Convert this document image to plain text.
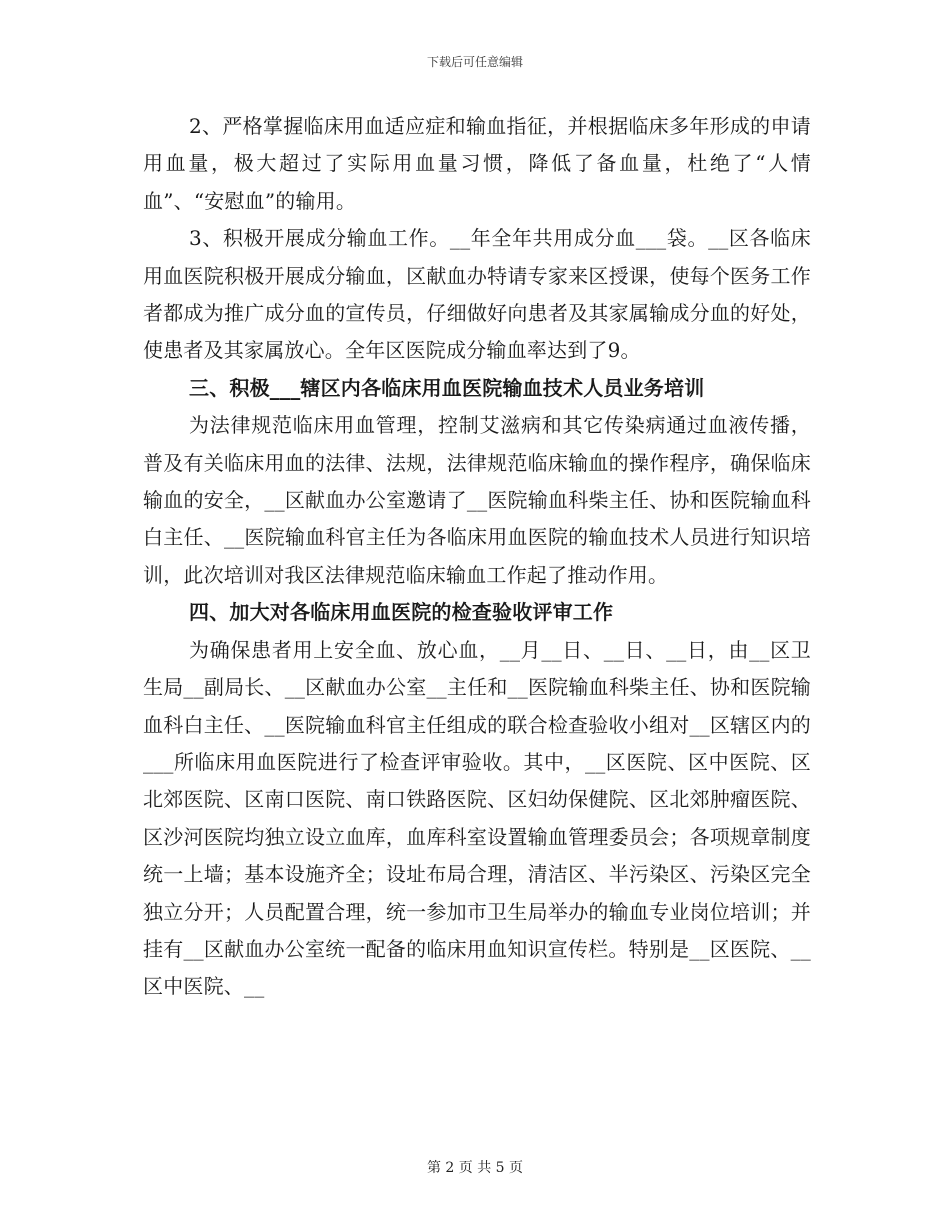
下载后可任意编辑

2、严格掌握临床用血适应症和输血指征，并根据临床多年形成的申请用血量，极大超过了实际用血量习惯，降低了备血量，杜绝了“人情血”、“安慰血”的输用。

3、积极开展成分输血工作。__年全年共用成分血___袋。__区各临床用血医院积极开展成分输血，区献血办特请专家来区授课，使每个医务工作者都成为推广成分血的宣传员，仔细做好向患者及其家属输成分血的好处，使患者及其家属放心。全年区医院成分输血率达到了9。

三、积极___辖区内各临床用血医院输血技术人员业务培训

为法律规范临床用血管理，控制艾滋病和其它传染病通过血液传播，普及有关临床用血的法律、法规，法律规范临床输血的操作程序，确保临床输血的安全，__区献血办公室邀请了__医院输血科柴主任、协和医院输血科白主任、__医院输血科官主任为各临床用血医院的输血技术人员进行知识培训，此次培训对我区法律规范临床输血工作起了推动作用。

四、加大对各临床用血医院的检查验收评审工作

为确保患者用上安全血、放心血，__月__日、__日、__日，由__区卫生局__副局长、__区献血办公室__主任和__医院输血科柴主任、协和医院输血科白主任、__医院输血科官主任组成的联合检查验收小组对__区辖区内的___所临床用血医院进行了检查评审验收。其中，__区医院、区中医院、区北郊医院、区南口医院、南口铁路医院、区妇幼保健院、区北郊肿瘤医院、区沙河医院均独立设立血库，血库科室设置输血管理委员会；各项规章制度统一上墙；基本设施齐全；设址布局合理，清洁区、半污染区、污染区完全独立分开；人员配置合理，统一参加市卫生局举办的输血专业岗位培训；并挂有__区献血办公室统一配备的临床用血知识宣传栏。特别是__区医院、__区中医院、__

第 2 页 共 5 页
